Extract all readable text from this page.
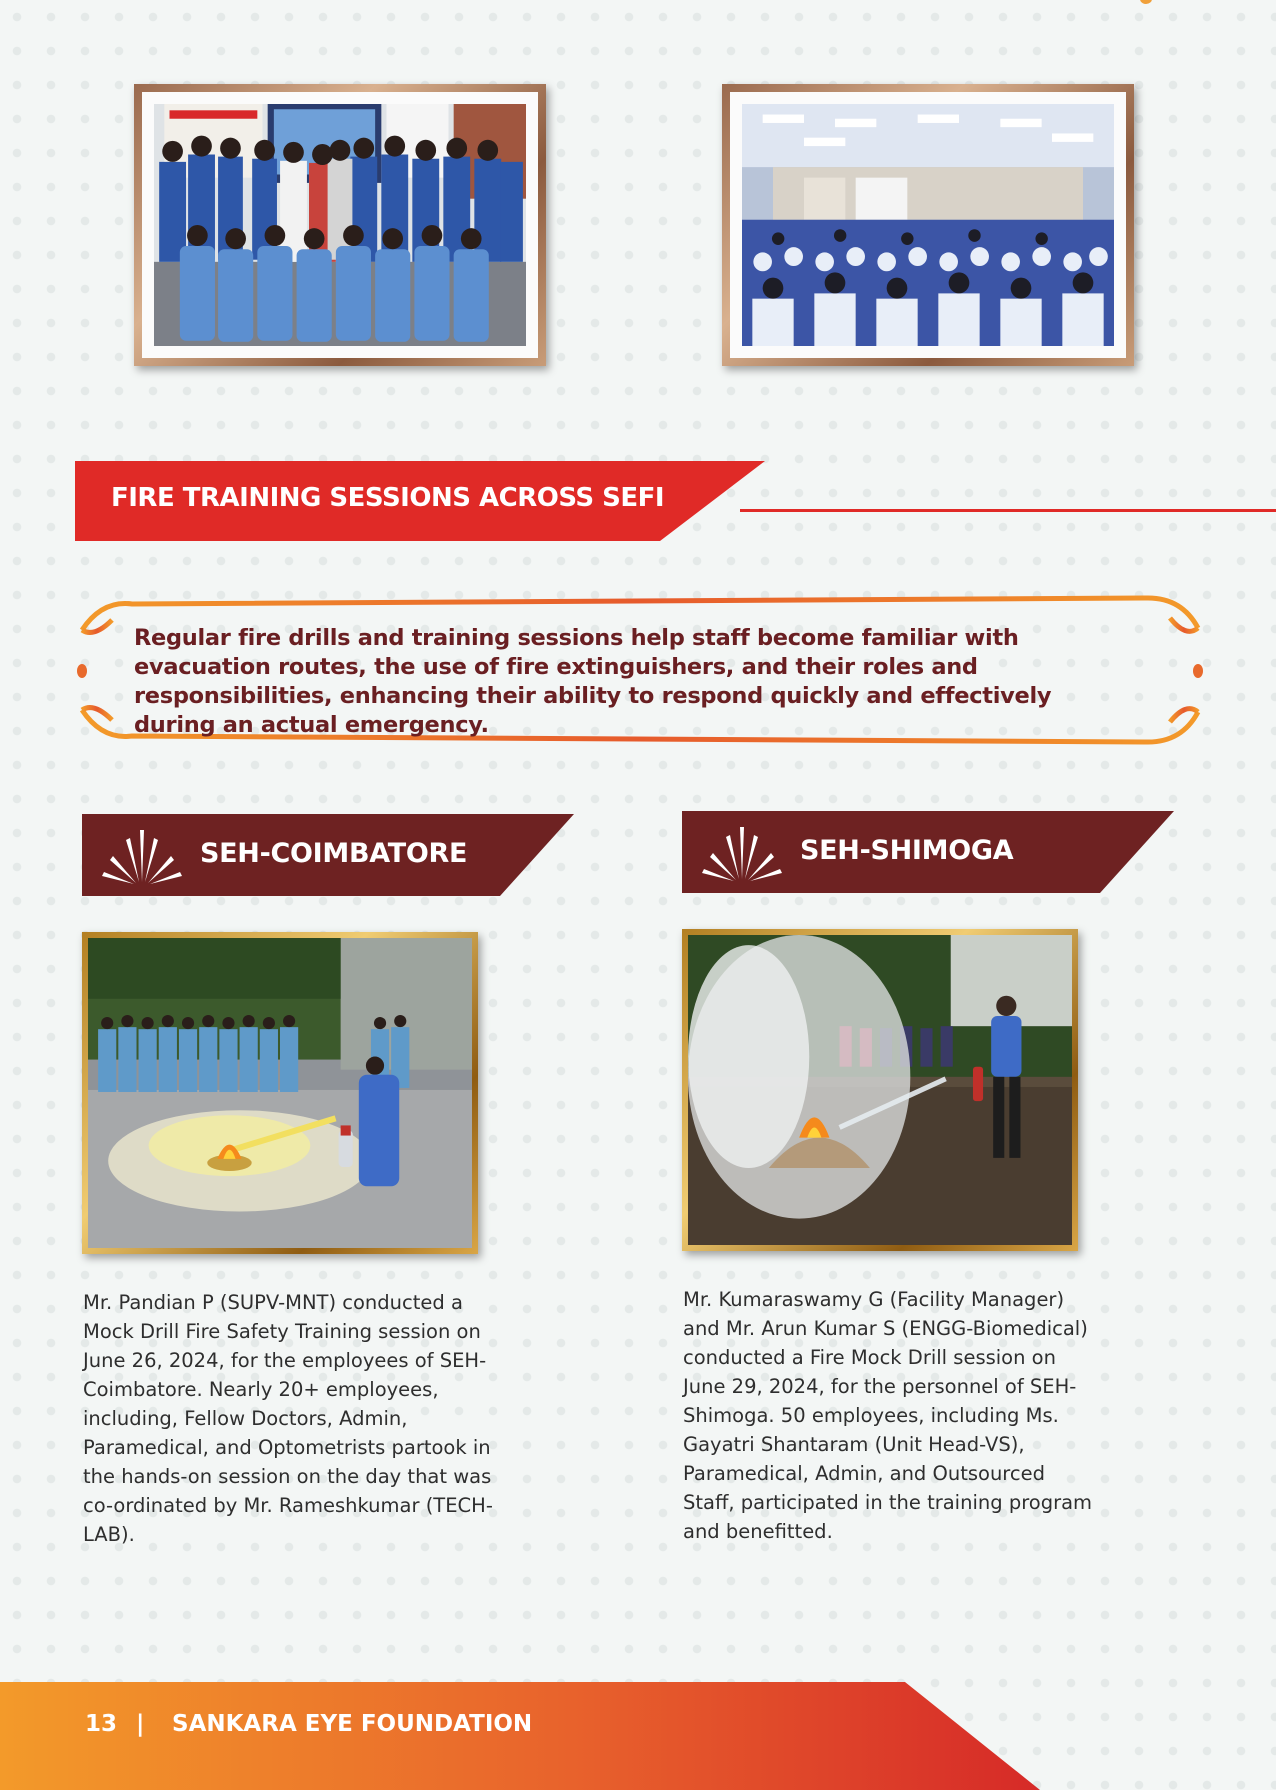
FIRE TRAINING SESSIONS ACROSS SEFI
Regular fire drills and training sessions help staff become familiar with evacuation routes, the use of fire extinguishers, and their roles and responsibilities, enhancing their ability to respond quickly and effectively during an actual emergency.
SEH-COIMBATORE	SEH-SHIMOGA
Mr. Pandian P (SUPV-MNT) conducted a Mock Drill Fire Safety Training session on June 26, 2024, for the employees of SEH-Coimbatore. Nearly 20+ employees, including, Fellow Doctors, Admin, Paramedical, and Optometrists partook in the hands-on session on the day that was co-ordinated by Mr. Rameshkumar (TECH-LAB).
Mr. Kumaraswamy G (Facility Manager) and Mr. Arun Kumar S (ENGG-Biomedical) conducted a Fire Mock Drill session on June 29, 2024, for the personnel of SEH-Shimoga. 50 employees, including Ms. Gayatri Shantaram (Unit Head-VS), Paramedical, Admin, and Outsourced Staff, participated in the training program and benefitted.
13 | SANKARA EYE FOUNDATION
